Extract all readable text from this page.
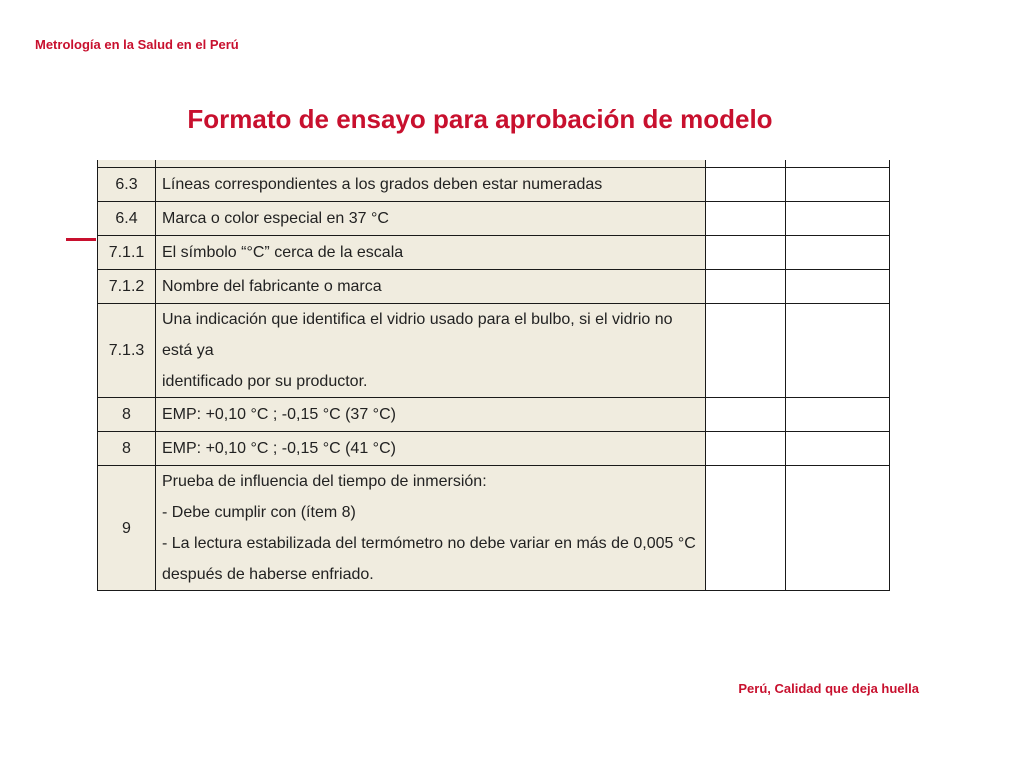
Metrología en la Salud en el Perú
Formato de ensayo para aprobación de modelo

6.3	Líneas correspondientes a los grados deben estar numeradas		

6.4	Marca o color especial en 37 °C		

7.1.1	El símbolo “°C” cerca de la escala		

7.1.2	Nombre del fabricante o marca		

7.1.3	Una indicación que identifica el vidrio usado para el bulbo, si el vidrio no está ya
identificado por su productor.		

8	EMP: +0,10 °C ; -0,15 °C (37 °C)		

8	EMP: +0,10 °C ; -0,15 °C (41 °C)		

9	Prueba de influencia del tiempo de inmersión:
- Debe cumplir con (ítem 8)
- La lectura estabilizada del termómetro no debe variar en más de 0,005 °C
después de haberse enfriado.		

Perú, Calidad que deja huella
